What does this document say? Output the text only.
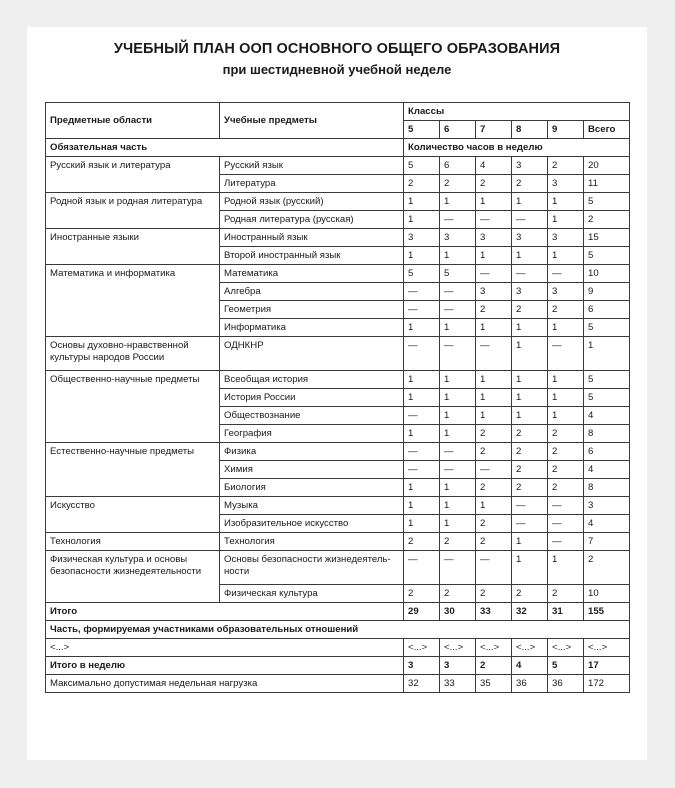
УЧЕБНЫЙ ПЛАН ООП ОСНОВНОГО ОБЩЕГО ОБРАЗОВАНИЯ
при шестидневной учебной неделе
Предметные области	Учебные предметы	Классы					
		5	6	7	8	9	Всего
Обязательная часть		Количество часов в неделю					
Русский язык и литература	Русский язык	5	6	4	3	2	20
	Литература	2	2	2	2	3	11
Родной язык и родная литература	Родной язык (русский)	1	1	1	1	1	5
	Родная литература (русская)	1	—	—	—	1	2
Иностранные языки	Иностранный язык	3	3	3	3	3	15
	Второй иностранный язык	1	1	1	1	1	5
Математика и информатика	Математика	5	5	—	—	—	10
	Алгебра	—	—	3	3	3	9
	Геометрия	—	—	2	2	2	6
	Информатика	1	1	1	1	1	5
Основы духовно-нравственной культуры народов России	ОДНКНР	—	—	—	1	—	1
Общественно-научные предметы	Всеобщая история	1	1	1	1	1	5
	История России	1	1	1	1	1	5
	Обществознание	—	1	1	1	1	4
	География	1	1	2	2	2	8
Естественно-научные предметы	Физика	—	—	2	2	2	6
	Химия	—	—	—	2	2	4
	Биология	1	1	2	2	2	8
Искусство	Музыка	1	1	1	—	—	3
	Изобразительное искусство	1	1	2	—	—	4
Технология	Технология	2	2	2	1	—	7
Физическая культура и основы безопасности жизнедеятельности	Основы безопасности жизнедеятель-ности	—	—	—	1	1	2
	Физическая культура	2	2	2	2	2	10
Итого		29	30	33	32	31	155
Часть, формируемая участниками образовательных отношений							
<...>		<...>	<...>	<...>	<...>	<...>	<...>
Итого в неделю		3	3	2	4	5	17
Максимально допустимая недельная нагрузка		32	33	35	36	36	172
